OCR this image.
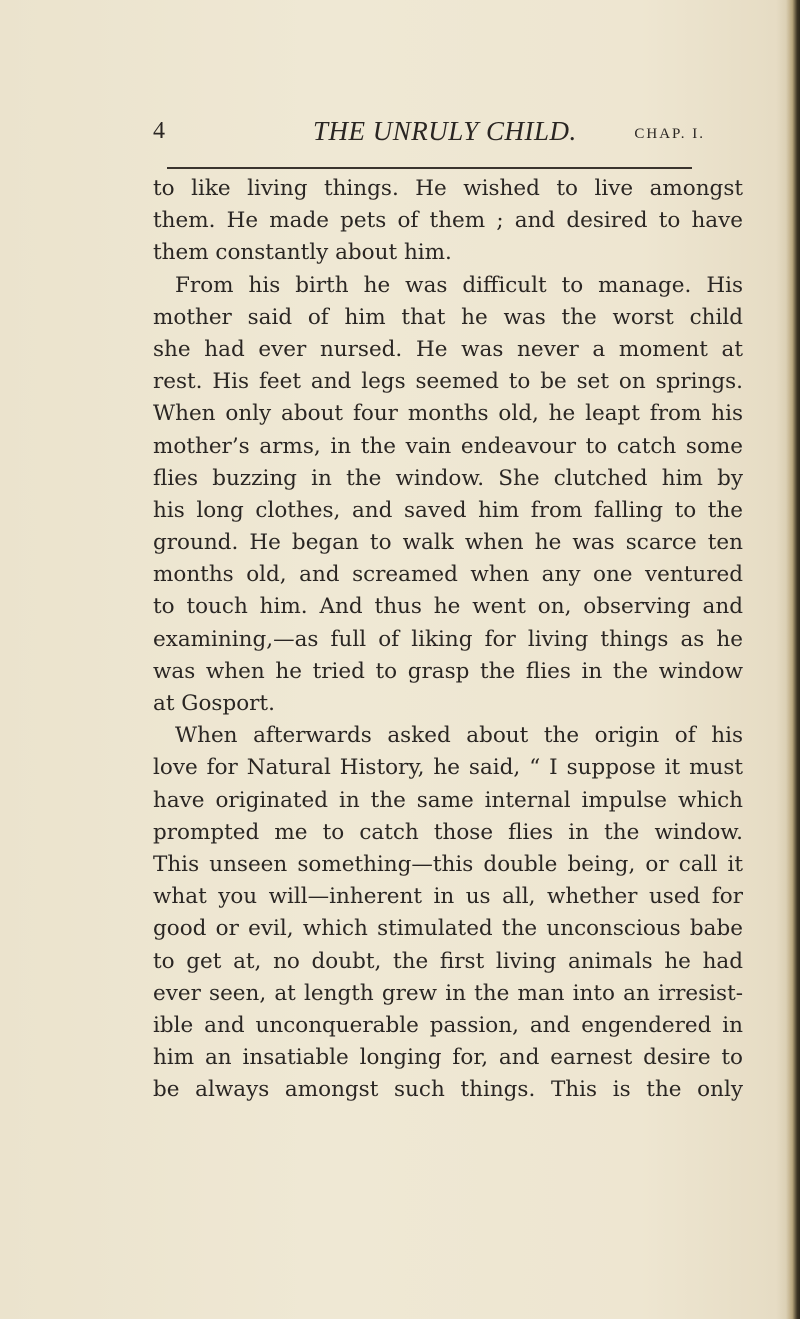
4	THE UNRULY CHILD.	CHAP. I.
to like living things. He wished to live amongst
them. He made pets of them ; and desired to have
them constantly about him.
From his birth he was difficult to manage. His
mother said of him that he was the worst child
she had ever nursed. He was never a moment at
rest. His feet and legs seemed to be set on springs.
When only about four months old, he leapt from his
mother’s arms, in the vain endeavour to catch some
flies buzzing in the window. She clutched him by
his long clothes, and saved him from falling to the
ground. He began to walk when he was scarce ten
months old, and screamed when any one ventured
to touch him. And thus he went on, observing and
examining,—as full of liking for living things as he
was when he tried to grasp the flies in the window
at Gosport.
When afterwards asked about the origin of his
love for Natural History, he said, “ I suppose it must
have originated in the same internal impulse which
prompted me to catch those flies in the window.
This unseen something—this double being, or call it
what you will—inherent in us all, whether used for
good or evil, which stimulated the unconscious babe
to get at, no doubt, the first living animals he had
ever seen, at length grew in the man into an irresist-
ible and unconquerable passion, and engendered in
him an insatiable longing for, and earnest desire to
be always amongst such things. This is the only
